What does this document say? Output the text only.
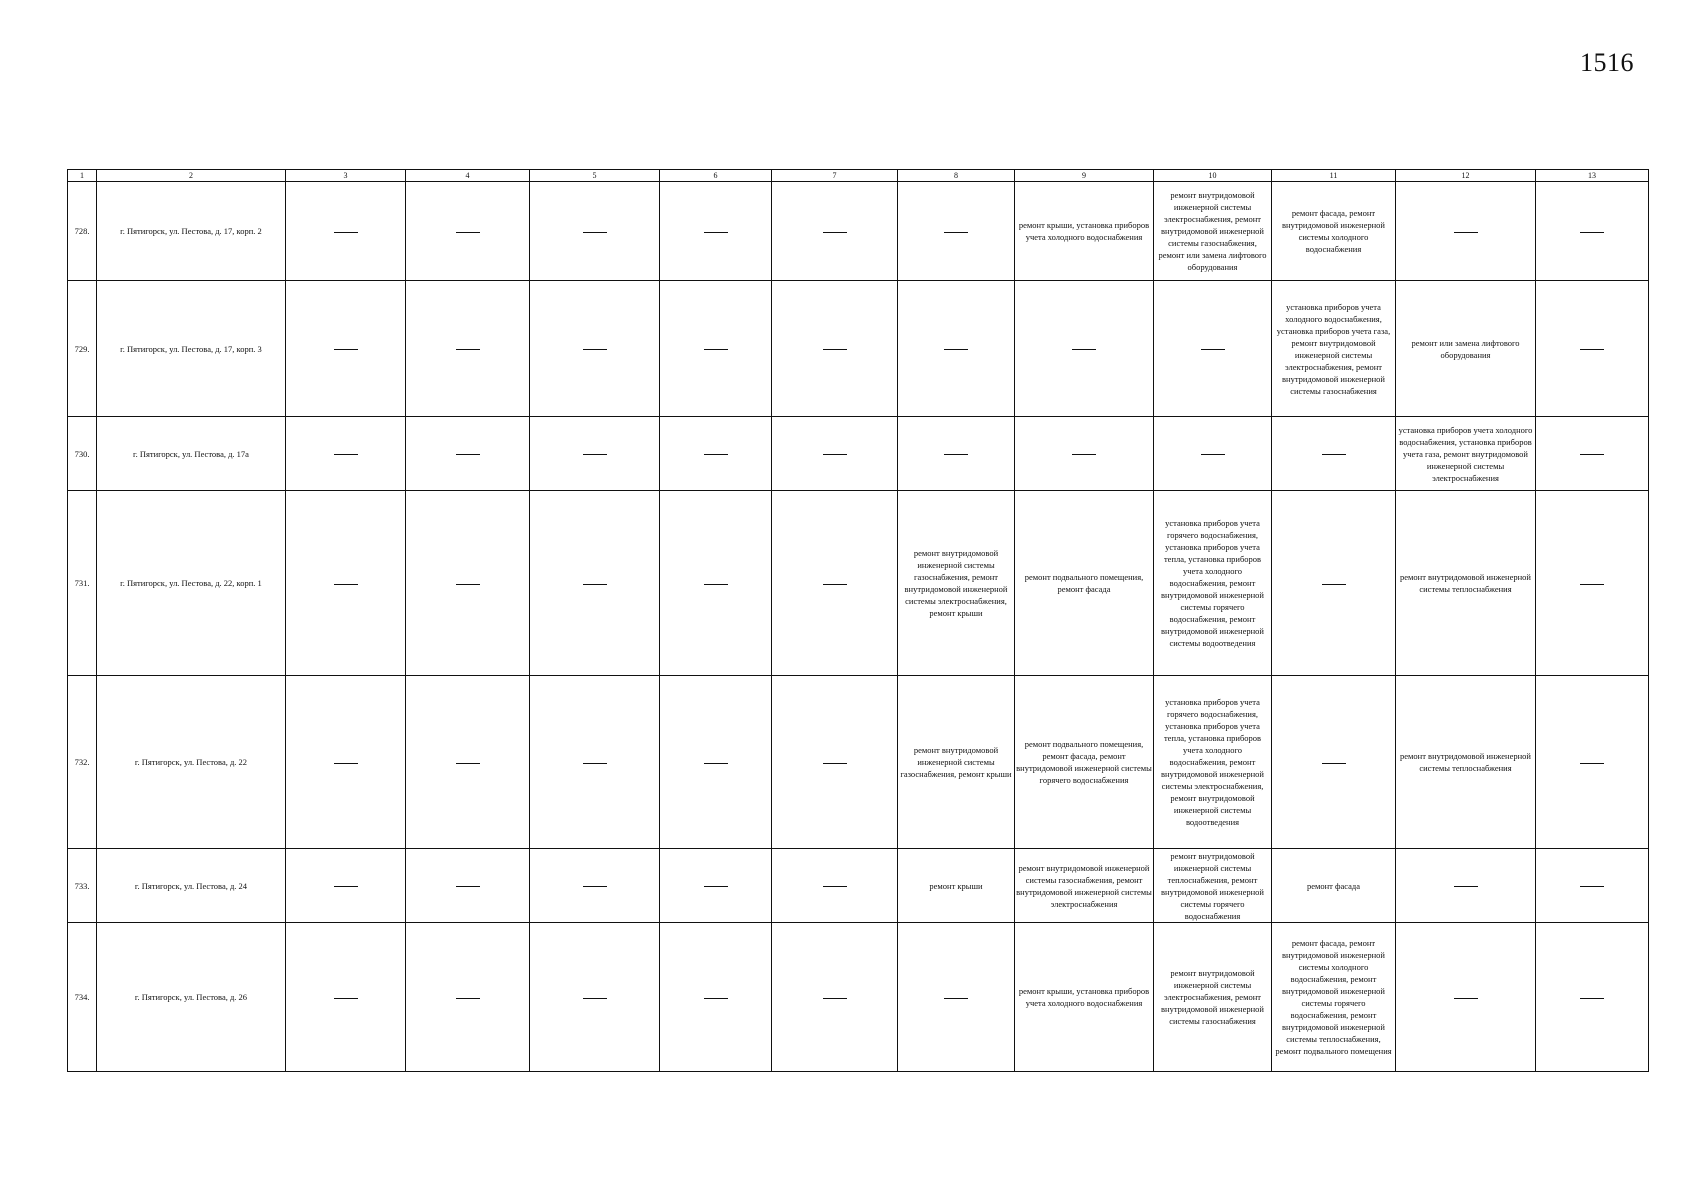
1516
1	2	3	4	5	6	7	8	9	10	11	12	13
728.	г. Пятигорск, ул. Пестова, д. 17, корп. 2							ремонт крыши, установка приборов учета холодного водоснабжения	ремонт внутридомовой инженерной системы электроснабжения, ремонт внутридомовой инженерной системы газоснабжения, ремонт или замена лифтового оборудования	ремонт фасада, ремонт внутридомовой инженерной системы холодного водоснабжения		

729.	г. Пятигорск, ул. Пестова, д. 17, корп. 3									установка приборов учета холодного водоснабжения, установка приборов учета газа, ремонт внутридомовой инженерной системы электроснабжения, ремонт внутридомовой инженерной системы газоснабжения	ремонт или замена лифтового оборудования	

730.	г. Пятигорск, ул. Пестова, д. 17а										установка приборов учета холодного водоснабжения, установка приборов учета газа, ремонт внутридомовой инженерной системы электроснабжения	

731.	г. Пятигорск, ул. Пестова, д. 22, корп. 1						ремонт внутридомовой инженерной системы газоснабжения, ремонт внутридомовой инженерной системы электроснабжения, ремонт крыши	ремонт подвального помещения, ремонт фасада	установка приборов учета горячего водоснабжения, установка приборов учета тепла, установка приборов учета холодного водоснабжения, ремонт внутридомовой инженерной системы горячего водоснабжения, ремонт внутридомовой инженерной системы водоотведения		ремонт внутридомовой инженерной системы теплоснабжения	

732.	г. Пятигорск, ул. Пестова, д. 22						ремонт внутридомовой инженерной системы газоснабжения, ремонт крыши	ремонт подвального помещения, ремонт фасада, ремонт внутридомовой инженерной системы горячего водоснабжения	установка приборов учета горячего водоснабжения, установка приборов учета тепла, установка приборов учета холодного водоснабжения, ремонт внутридомовой инженерной системы электроснабжения, ремонт внутридомовой инженерной системы водоотведения		ремонт внутридомовой инженерной системы теплоснабжения	

733.	г. Пятигорск, ул. Пестова, д. 24						ремонт крыши	ремонт внутридомовой инженерной системы газоснабжения, ремонт внутридомовой инженерной системы электроснабжения	ремонт внутридомовой инженерной системы теплоснабжения, ремонт внутридомовой инженерной системы горячего водоснабжения	ремонт фасада		

734.	г. Пятигорск, ул. Пестова, д. 26							ремонт крыши, установка приборов учета холодного водоснабжения	ремонт внутридомовой инженерной системы электроснабжения, ремонт внутридомовой инженерной системы газоснабжения	ремонт фасада, ремонт внутридомовой инженерной системы холодного водоснабжения, ремонт внутридомовой инженерной системы горячего водоснабжения, ремонт внутридомовой инженерной системы теплоснабжения, ремонт подвального помещения		
